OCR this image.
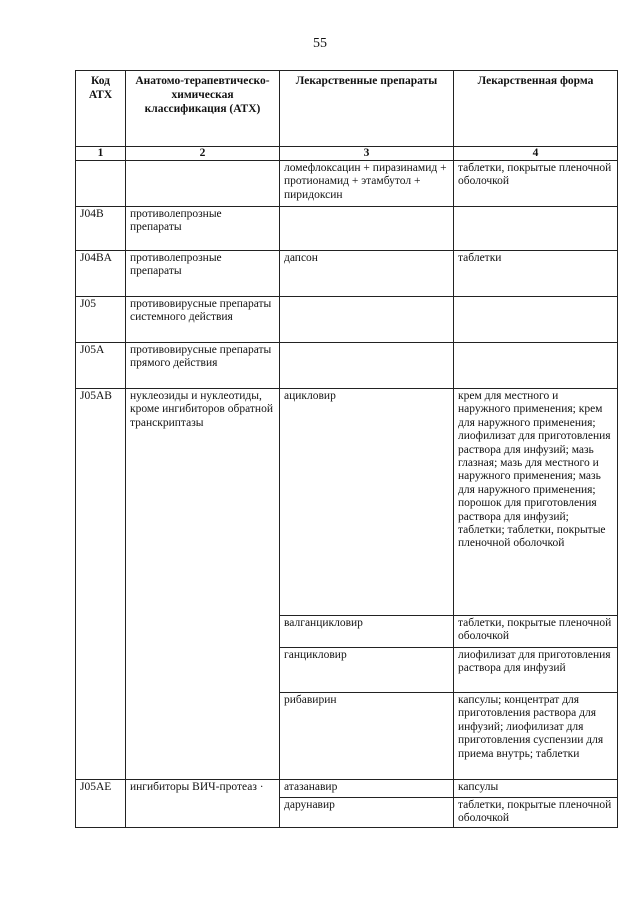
55
Код АТХ	Анатомо-терапевтическо-химическая классификация (АТХ)	Лекарственные препараты	Лекарственная форма
1	2	3	4
		ломефлоксацин + пиразинамид + протионамид + этамбутол + пиридоксин	таблетки, покрытые пленочной оболочкой
J04B	противолепрозные препараты		
J04BA	противолепрозные препараты	дапсон	таблетки
J05	противовирусные препараты системного действия		
J05A	противовирусные препараты прямого действия		
J05AB	нуклеозиды и нуклеотиды, кроме ингибиторов обратной транскриптазы	ацикловир	крем для местного и наружного применения; крем для наружного применения; лиофилизат для приготовления раствора для инфузий; мазь глазная; мазь для местного и наружного применения; мазь для наружного применения; порошок для приготовления раствора для инфузий; таблетки; таблетки, покрытые пленочной оболочкой
		валганцикловир	таблетки, покрытые пленочной оболочкой
		ганцикловир	лиофилизат для приготовления раствора для инфузий
		рибавирин	капсулы; концентрат для приготовления раствора для инфузий; лиофилизат для приготовления суспензии для приема внутрь; таблетки
J05AE	ингибиторы ВИЧ-протеаз ·	атазанавир	капсулы
		дарунавир	таблетки, покрытые пленочной оболочкой
